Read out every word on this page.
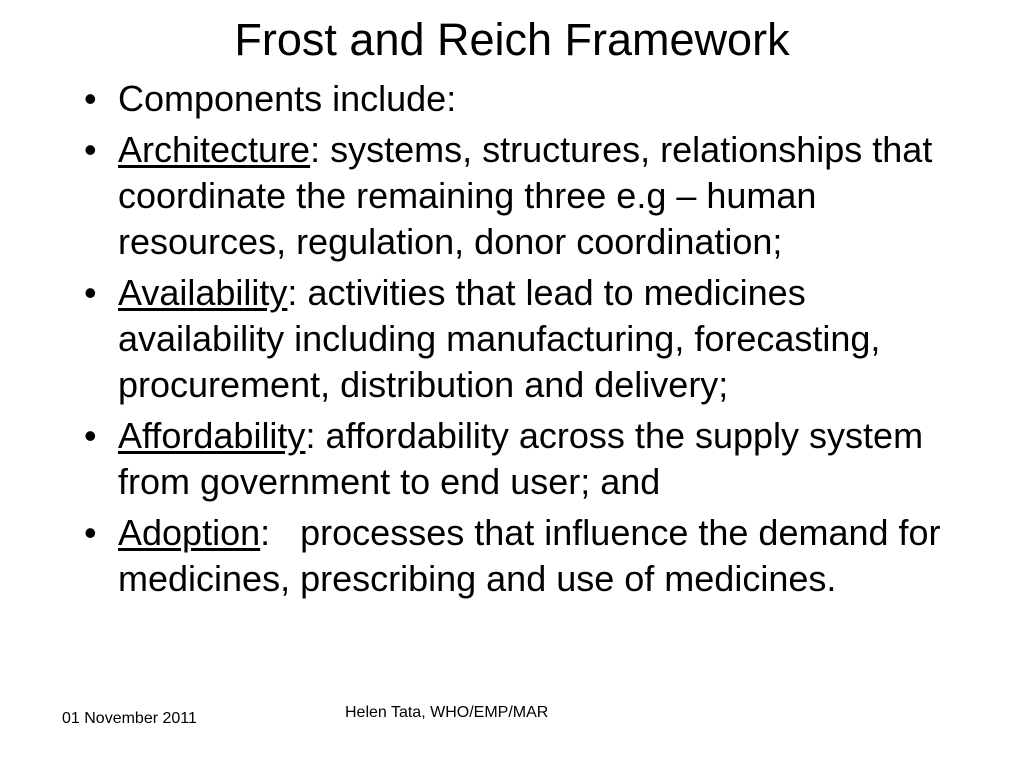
Frost and Reich Framework
• Components include:
• Architecture: systems, structures, relationships that coordinate the remaining three e.g – human resources, regulation, donor coordination;
• Availability: activities that lead to medicines availability including manufacturing, forecasting, procurement, distribution and delivery;
• Affordability: affordability across the supply system from government to end user; and
• Adoption:   processes that influence the demand for medicines, prescribing and use of medicines.
01 November 2011	Helen Tata, WHO/EMP/MAR
